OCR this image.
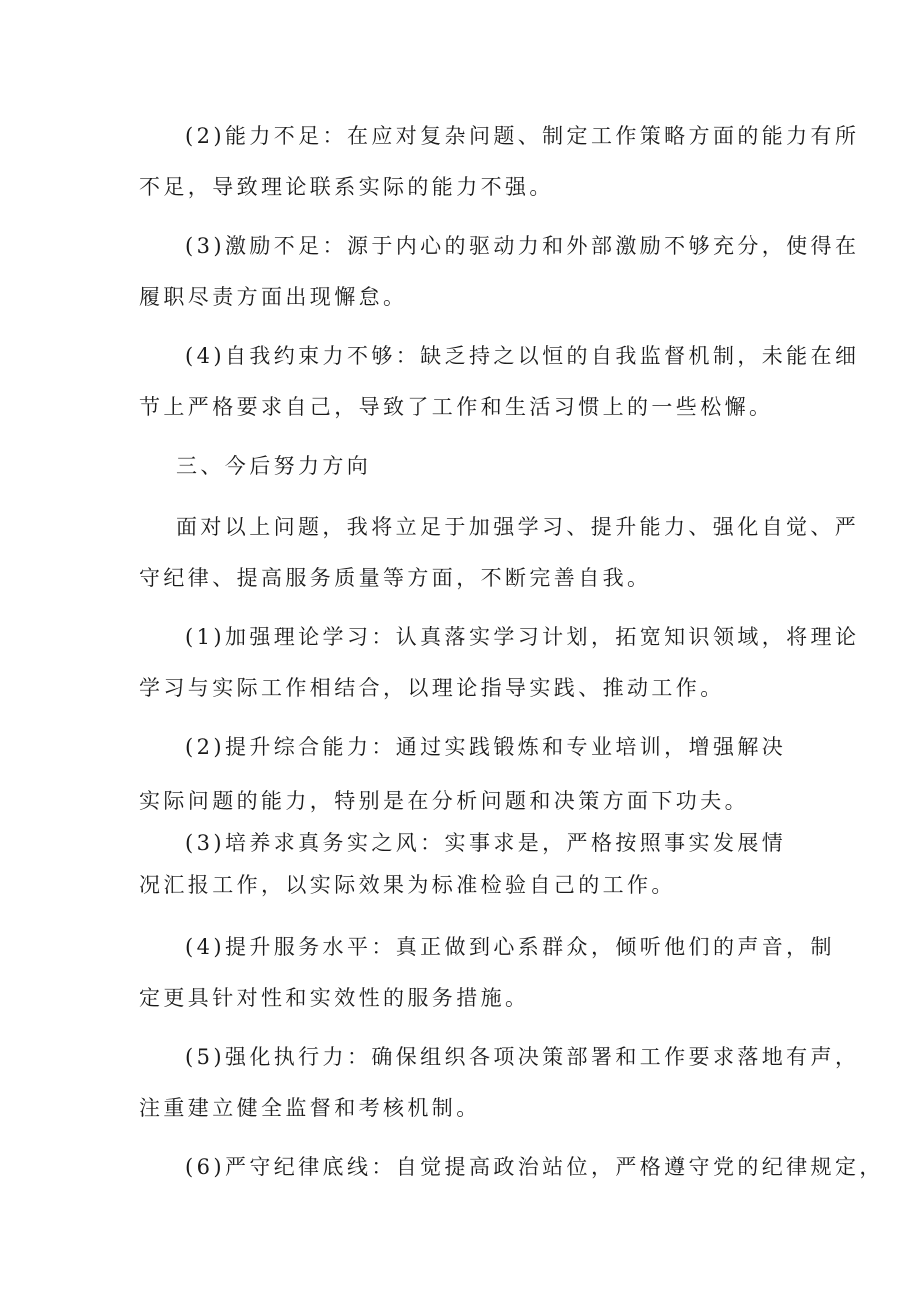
(2)能力不足：在应对复杂问题、制定工作策略方面的能力有所
不足，导致理论联系实际的能力不强。
(3)激励不足：源于内心的驱动力和外部激励不够充分，使得在
履职尽责方面出现懈怠。
(4)自我约束力不够：缺乏持之以恒的自我监督机制，未能在细
节上严格要求自己，导致了工作和生活习惯上的一些松懈。
三、今后努力方向
面对以上问题，我将立足于加强学习、提升能力、强化自觉、严
守纪律、提高服务质量等方面，不断完善自我。
(1)加强理论学习：认真落实学习计划，拓宽知识领域，将理论
学习与实际工作相结合，以理论指导实践、推动工作。
(2)提升综合能力：通过实践锻炼和专业培训，增强解决
实际问题的能力，特别是在分析问题和决策方面下功夫。
(3)培养求真务实之风：实事求是，严格按照事实发展情
况汇报工作，以实际效果为标准检验自己的工作。
(4)提升服务水平：真正做到心系群众，倾听他们的声音，制
定更具针对性和实效性的服务措施。
(5)强化执行力：确保组织各项决策部署和工作要求落地有声，
注重建立健全监督和考核机制。
(6)严守纪律底线：自觉提高政治站位，严格遵守党的纪律规定，
